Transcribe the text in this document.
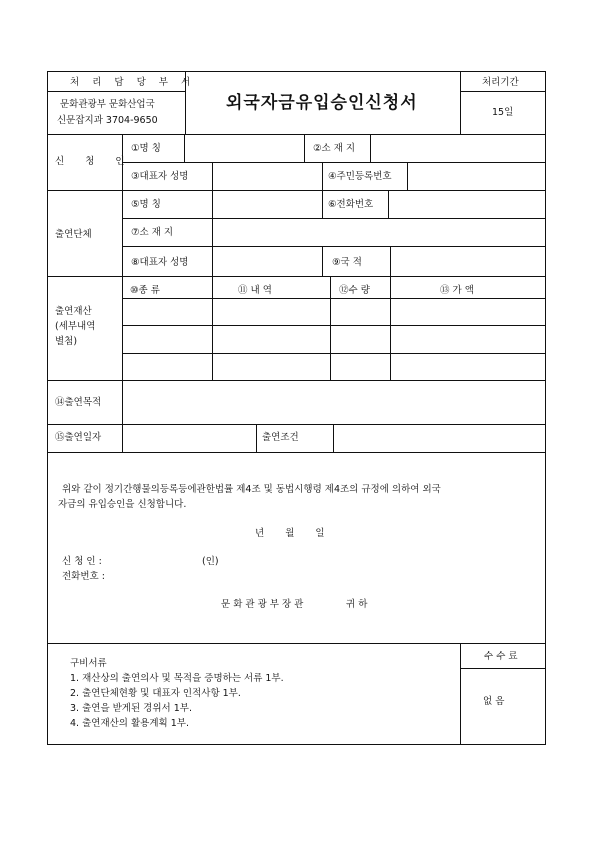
처 리 담 당 부 서
문화관광부 문화산업국
신문잡지과 3704-9650
외국자금유입승인신청서
처리기간
15일
신 청 인
①명 칭	②소 재 지
③대표자 성명	④주민등록번호
출연단체
⑤명 칭	⑥전화번호
⑦소 재 지
⑧대표자 성명	⑨국 적
출연재산
(세부내역
별첨)
⑩종 류	⑪ 내 역	⑫수 량	⑬ 가 액
⑭출연목적
⑮출연일자	출연조건
위와 같이 정기간행물의등록등에관한법률 제4조 및 동법시행령 제4조의 규정에 의하여 외국
자금의 유입승인을 신청합니다.
년 월 일
신 청 인 :	(인)
전화번호 :
문 화 관 광 부 장 관	귀 하
구비서류
1. 재산상의 출연의사 및 목적을 증명하는 서류 1부.
2. 출연단체현황 및 대표자 인적사항 1부.
3. 출연을 받게된 경위서 1부.
4. 출연재산의 활용계획 1부.
수 수 료
없 음
